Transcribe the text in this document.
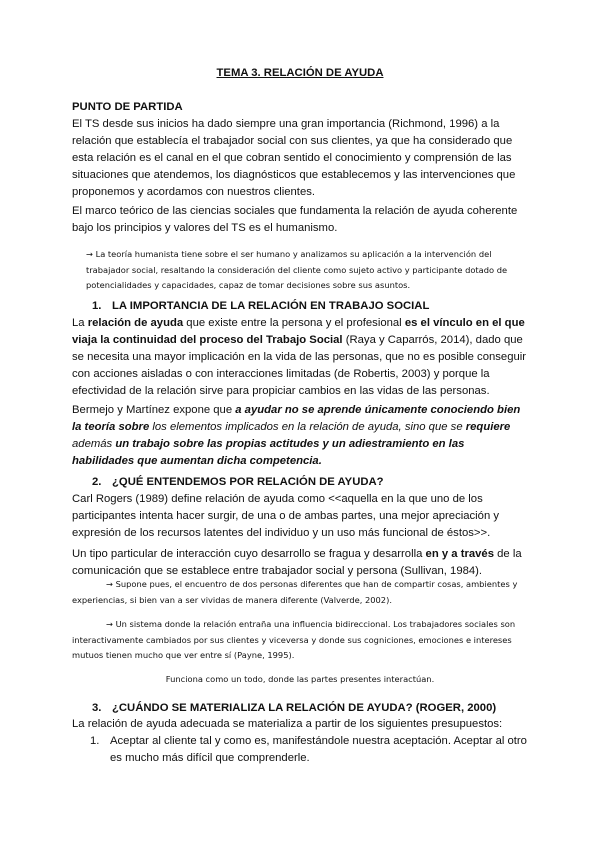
TEMA 3. RELACIÓN DE AYUDA

PUNTO DE PARTIDA

El TS desde sus inicios ha dado siempre una gran importancia (Richmond, 1996) a la relación que establecía el trabajador social con sus clientes, ya que ha considerado que esta relación es el canal en el que cobran sentido el conocimiento y comprensión de las situaciones que atendemos, los diagnósticos que establecemos y las intervenciones que proponemos y acordamos con nuestros clientes.

El marco teórico de las ciencias sociales que fundamenta la relación de ayuda coherente bajo los principios y valores del TS es el humanismo.

→ La teoría humanista tiene sobre el ser humano y analizamos su aplicación a la intervención del trabajador social, resaltando la consideración del cliente como sujeto activo y participante dotado de potencialidades y capacidades, capaz de tomar decisiones sobre sus asuntos.

1. LA IMPORTANCIA DE LA RELACIÓN EN TRABAJO SOCIAL

La relación de ayuda que existe entre la persona y el profesional es el vínculo en el que viaja la continuidad del proceso del Trabajo Social (Raya y Caparrós, 2014), dado que se necesita una mayor implicación en la vida de las personas, que no es posible conseguir con acciones aisladas o con interacciones limitadas (de Robertis, 2003) y porque la efectividad de la relación sirve para propiciar cambios en las vidas de las personas.

Bermejo y Martínez expone que a ayudar no se aprende únicamente conociendo bien la teoría sobre los elementos implicados en la relación de ayuda, sino que se requiere además un trabajo sobre las propias actitudes y un adiestramiento en las habilidades que aumentan dicha competencia.

2. ¿QUÉ ENTENDEMOS POR RELACIÓN DE AYUDA?

Carl Rogers (1989) define relación de ayuda como <<aquella en la que uno de los participantes intenta hacer surgir, de una o de ambas partes, una mejor apreciación y expresión de los recursos latentes del individuo y un uso más funcional de éstos>>.

Un tipo particular de interacción cuyo desarrollo se fragua y desarrolla en y a través de la comunicación que se establece entre trabajador social y persona (Sullivan, 1984).

→ Supone pues, el encuentro de dos personas diferentes que han de compartir cosas, ambientes y experiencias, si bien van a ser vividas de manera diferente (Valverde, 2002).

→ Un sistema donde la relación entraña una influencia bidireccional. Los trabajadores sociales son interactivamente cambiados por sus clientes y viceversa y donde sus cogniciones, emociones e intereses mutuos tienen mucho que ver entre sí (Payne, 1995).

Funciona como un todo, donde las partes presentes interactúan.

3. ¿CUÁNDO SE MATERIALIZA LA RELACIÓN DE AYUDA? (ROGER, 2000)

La relación de ayuda adecuada se materializa a partir de los siguientes presupuestos:

1. Aceptar al cliente tal y como es, manifestándole nuestra aceptación. Aceptar al otro es mucho más difícil que comprenderle.
